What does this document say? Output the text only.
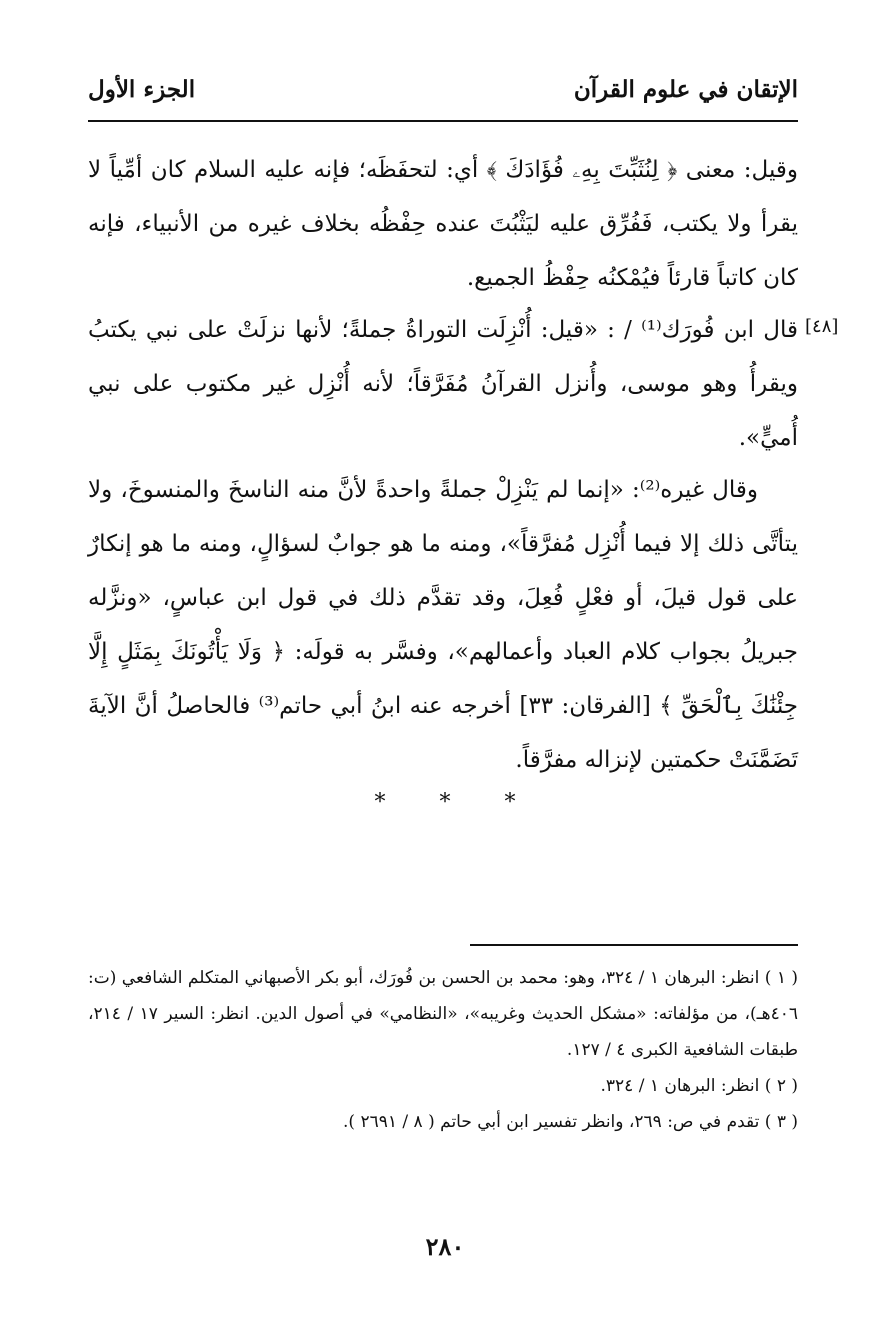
الإتقان في علوم القرآن
الجزء الأول

وقيل: معنى ﴿ لِنُثَبِّتَ بِهِۦ فُؤَادَكَ ﴾ أي: لتحفَظَه؛ فإنه عليه السلام كان أمِّياً لا يقرأ ولا يكتب، فَفُرِّق عليه ليَثْبُتَ عنده حِفْظُه بخلاف غيره من الأنبياء، فإنه كان كاتباً قارئاً فيُمْكنُه حِفْظُ الجميع.

[٤٨]

قال ابن فُورَك⁽¹⁾ / : «قيل: أُنْزِلَت التوراةُ جملةً؛ لأنها نزلَتْ على نبي يكتبُ ويقرأُ وهو موسى، وأُنزل القرآنُ مُفَرَّقاً؛ لأنه أُنْزِل غير مكتوب على نبي أُميٍّ».

وقال غيره⁽²⁾: «إنما لم يَنْزِلْ جملةً واحدةً لأنَّ منه الناسخَ والمنسوخَ، ولا يتأتَّى ذلك إلا فيما أُنْزِل مُفرَّقاً»، ومنه ما هو جوابٌ لسؤالٍ، ومنه ما هو إنكارٌ على قول قيلَ، أو فعْلٍ فُعِلَ، وقد تقدَّم ذلك في قول ابن عباسٍ، «ونزَّله جبريلُ بجواب كلام العباد وأعمالهم»، وفسَّر به قولَه: ﴿ وَلَا يَأْتُونَكَ بِمَثَلٍ إِلَّا جِئْنَٰكَ بِٱلْحَقِّ ﴾ [الفرقان: ٣٣] أخرجه عنه ابنُ أبي حاتم⁽³⁾ فالحاصلُ أنَّ الآيةَ تَضَمَّنَتْ حكمتين لإنزاله مفرَّقاً.

* * *

( ١ ) انظر: البرهان ١ / ٣٢٤، وهو: محمد بن الحسن بن فُورَك، أبو بكر الأصبهاني المتكلم الشافعي (ت: ٤٠٦هـ)، من مؤلفاته: «مشكل الحديث وغريبه»، «النظامي» في أصول الدين. انظر: السير ١٧ / ٢١٤، طبقات الشافعية الكبرى ٤ / ١٢٧.

( ٢ ) انظر: البرهان ١ / ٣٢٤.

( ٣ ) تقدم في ص: ٢٦٩، وانظر تفسير ابن أبي حاتم ( ٨ / ٢٦٩١ ).

٢٨٠
